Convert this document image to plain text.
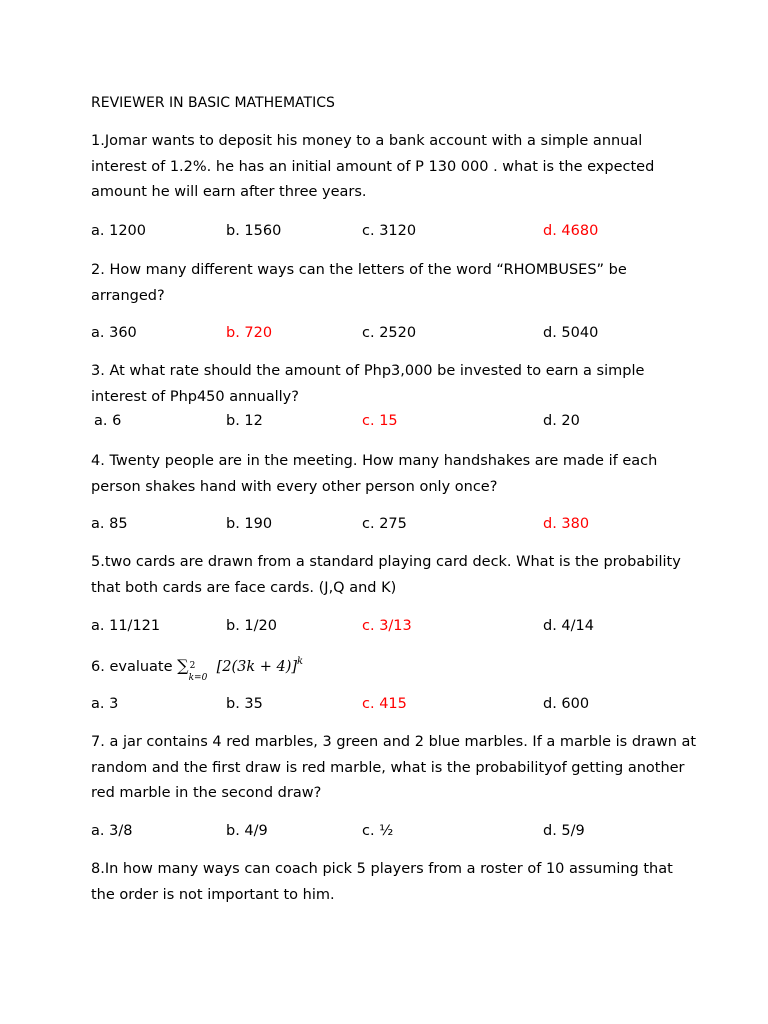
REVIEWER IN BASIC MATHEMATICS
1.Jomar wants to deposit his money to a bank account with a simple annual
interest of 1.2%. he has an initial amount of P 130 000 . what is the expected
amount he will earn after three years.
a. 1200	b. 1560	c. 3120	d. 4680
2. How many different ways can the letters of the word “RHOMBUSES” be
arranged?
a. 360	b. 720	c. 2520	d. 5040
3. At what rate should the amount of Php3,000 be invested to earn a simple
interest of Php450 annually?
a. 6	b. 12	c. 15	d. 20
4. Twenty people are in the meeting. How many handshakes are made if each
person shakes hand with every other person only once?
a. 85	b. 190	c. 275	d. 380
5.two cards are drawn from a standard playing card deck. What is the probability
that both cards are face cards. (J,Q and K)
a. 11/121	b. 1/20	c. 3/13	d. 4/14
6. evaluate ∑ 2
k=0
$[2(3k + 4)]^k$
a. 3	b. 35	c. 415	d. 600
7. a jar contains 4 red marbles, 3 green and 2 blue marbles. If a marble is drawn at
random and the first draw is red marble, what is the probabilityof getting another
red marble in the second draw?
a. 3/8	b. 4/9	c. ½	d. 5/9
8.In how many ways can coach pick 5 players from a roster of 10 assuming that
the order is not important to him.
